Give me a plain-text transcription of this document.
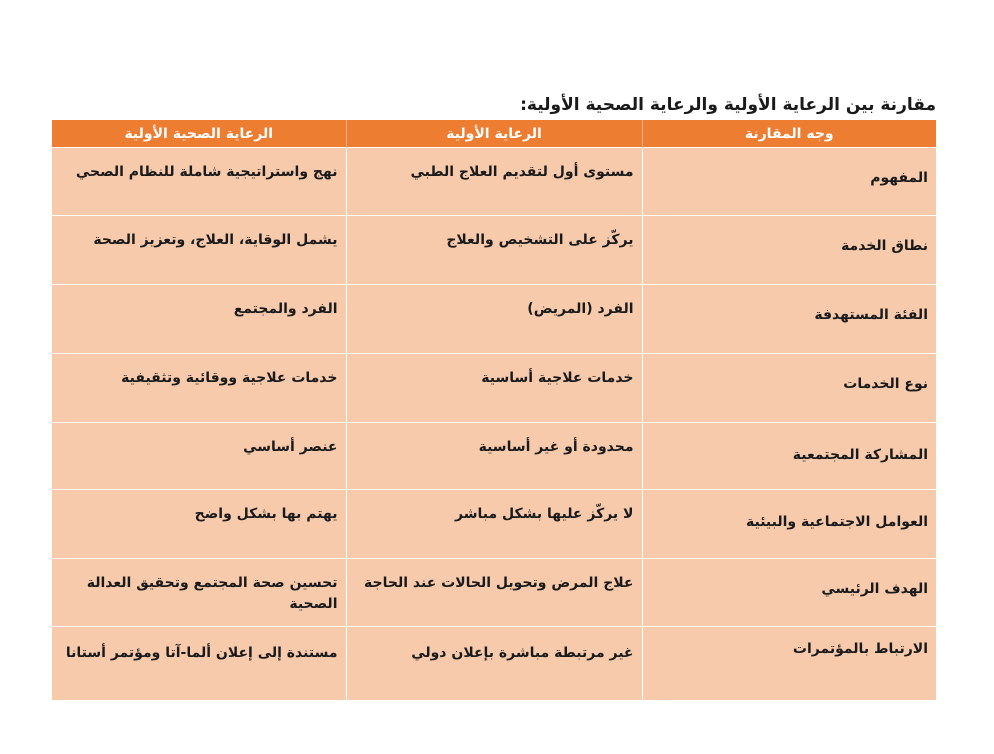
مقارنة بين الرعاية الأولية والرعاية الصحية الأولية:
وجه المقارنة	الرعاية الأولية	الرعاية الصحية الأولية
المفهوم	مستوى أول لتقديم العلاج الطبي	نهج واستراتيجية شاملة للنظام الصحي
نطاق الخدمة	يركّز على التشخيص والعلاج	يشمل الوقاية، العلاج، وتعزيز الصحة
الفئة المستهدفة	الفرد (المريض)	الفرد والمجتمع
نوع الخدمات	خدمات علاجية أساسية	خدمات علاجية ووقائية وتثقيفية
المشاركة المجتمعية	محدودة أو غير أساسية	عنصر أساسي
العوامل الاجتماعية والبيئية	لا يركّز عليها بشكل مباشر	يهتم بها بشكل واضح
الهدف الرئيسي	علاج المرض وتحويل الحالات عند الحاجة	تحسين صحة المجتمع وتحقيق العدالة الصحية
الارتباط بالمؤتمرات	غير مرتبطة مباشرة بإعلان دولي	مستندة إلى إعلان ألما-آتا ومؤتمر أستانا
